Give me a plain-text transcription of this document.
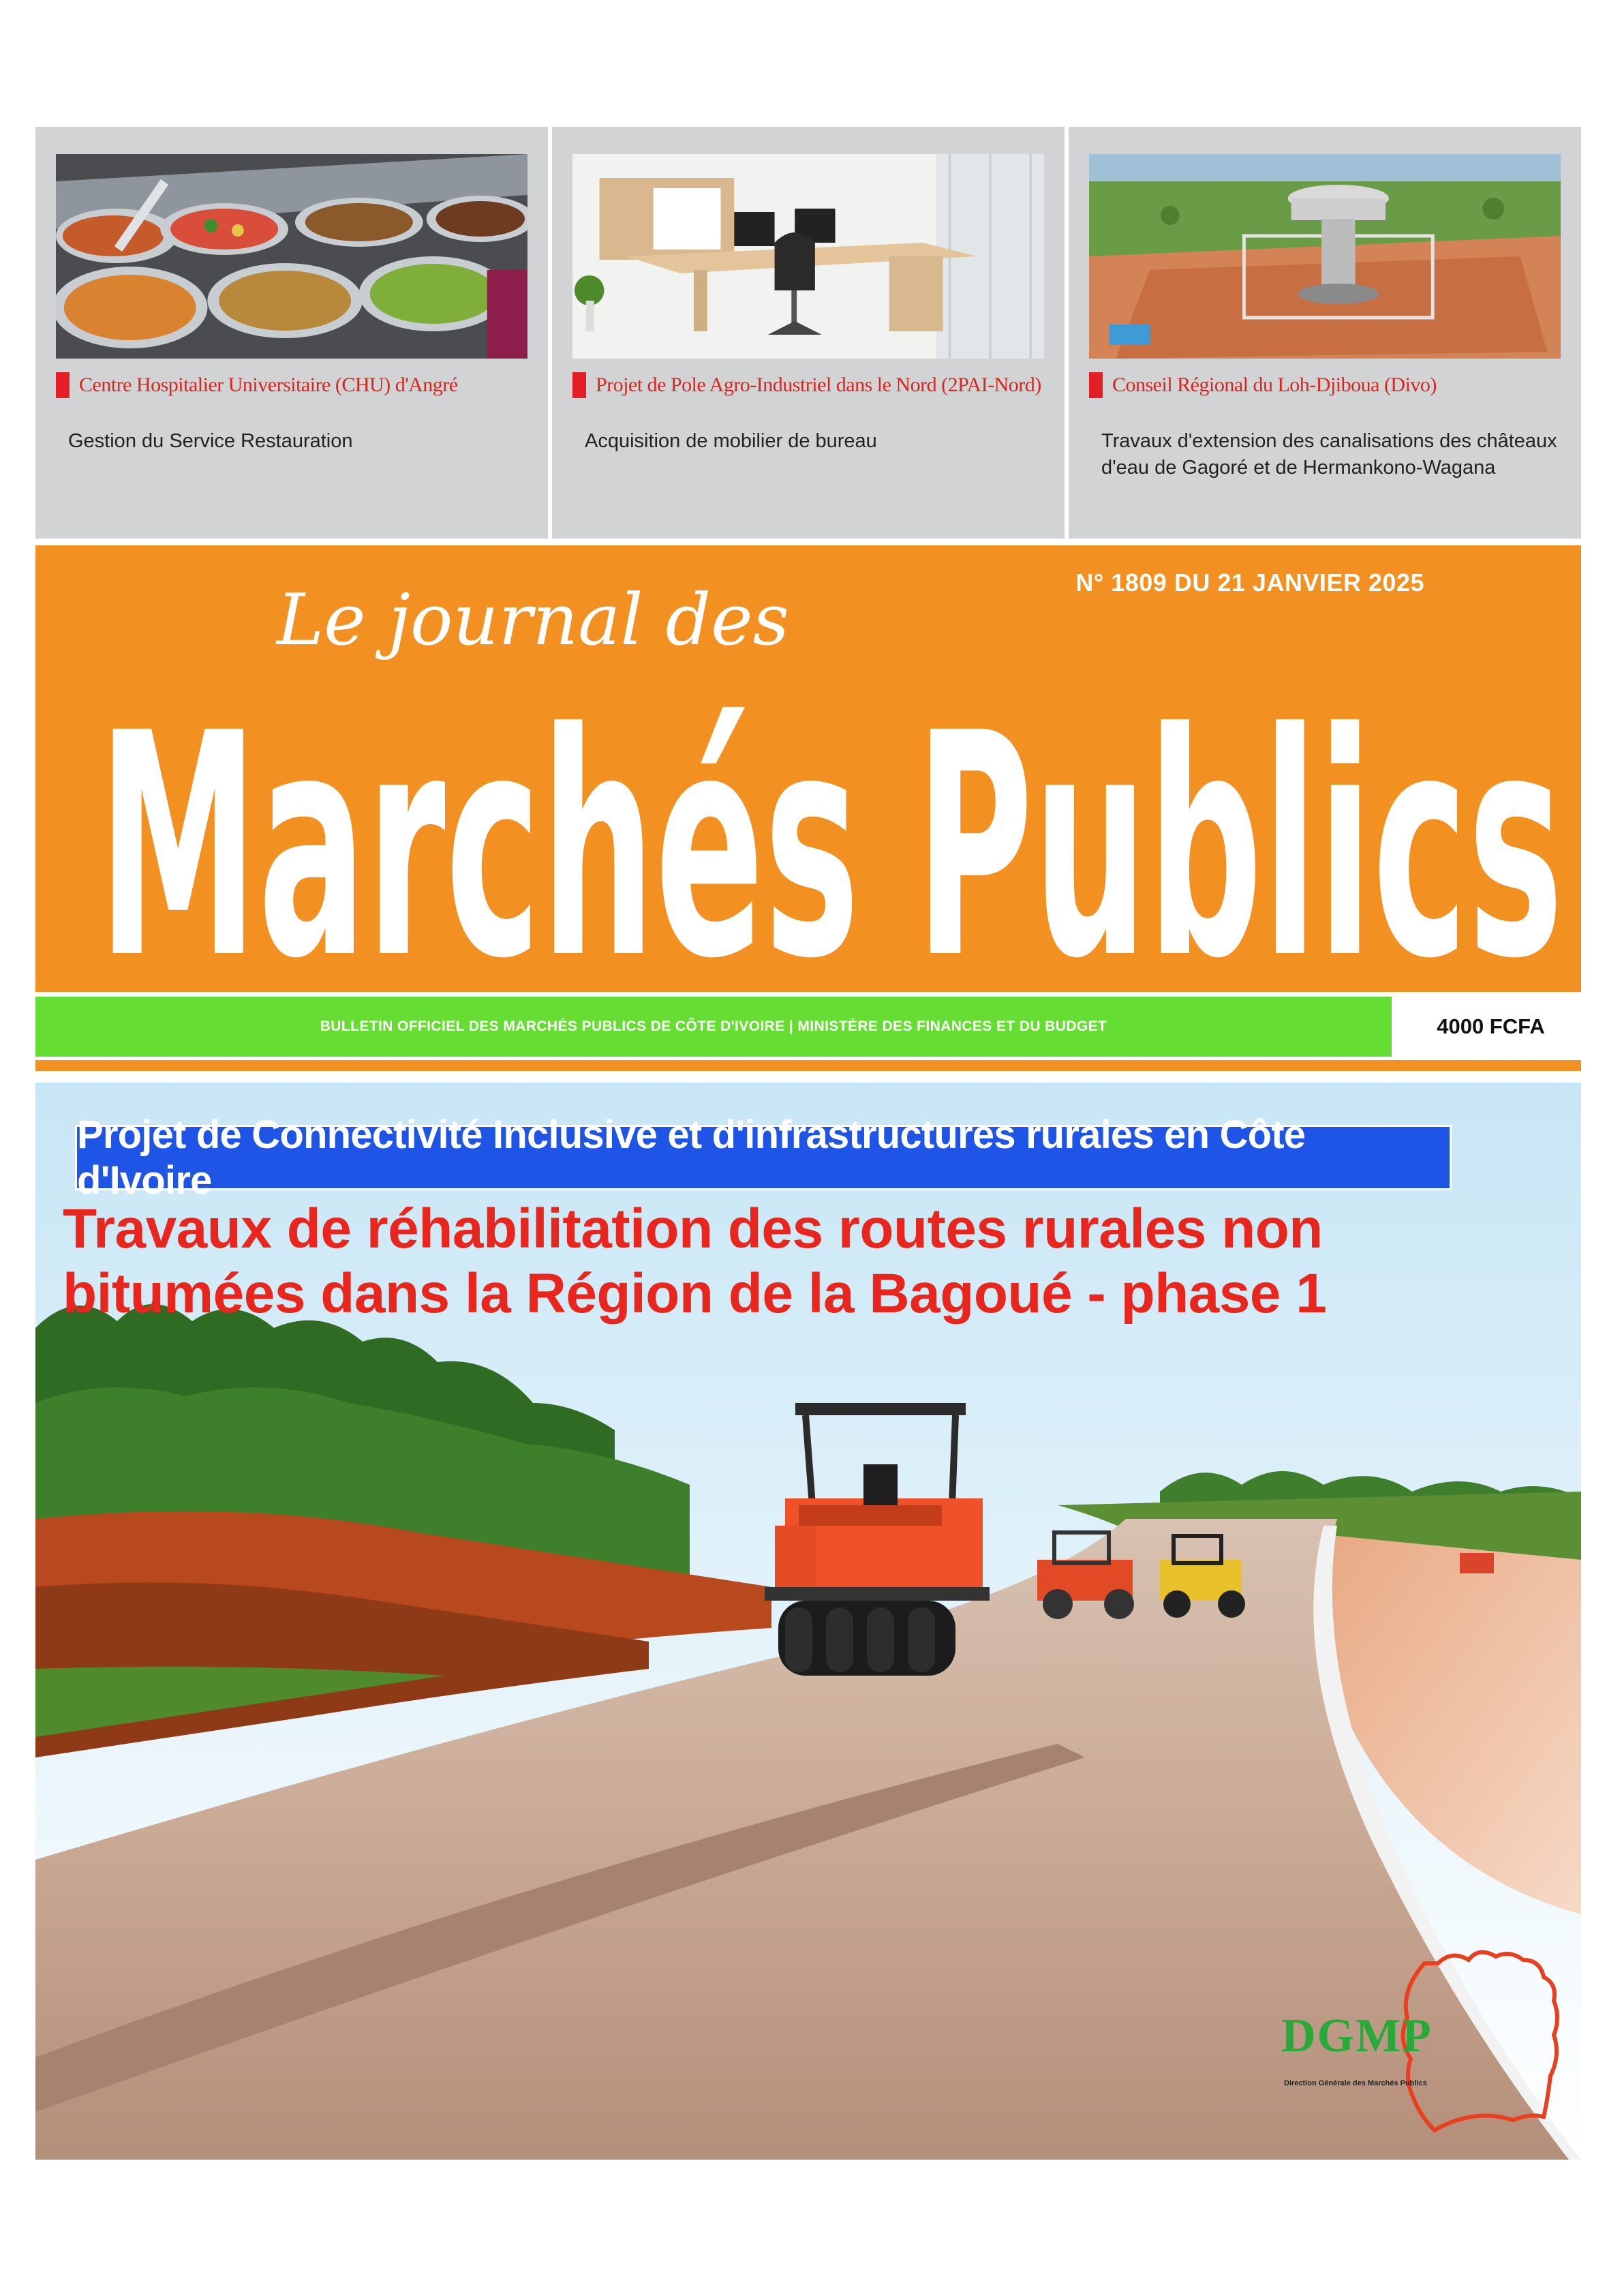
Centre Hospitalier Universitaire (CHU) d'Angré
Gestion du Service Restauration
Projet de Pole Agro-Industriel dans le Nord (2PAI-Nord)
Acquisition de mobilier de bureau
Conseil Régional du Loh-Djiboua (Divo)
Travaux d'extension des canalisations des châteaux d'eau de Gagoré et de Hermankono-Wagana
N° 1809 DU 21 JANVIER 2025
Le journal des
Marchés Publics
BULLETIN OFFICIEL DES MARCHÉS PUBLICS DE CÔTE D'IVOIRE | MINISTÈRE DES FINANCES ET DU BUDGET	4000 FCFA
Projet de Connectivité Inclusive et d'infrastructures rurales en Côte d'Ivoire
Travaux de réhabilitation des routes rurales non bitumées dans la Région de la Bagoué - phase 1
DGMP
Direction Générale des Marchés Publics
